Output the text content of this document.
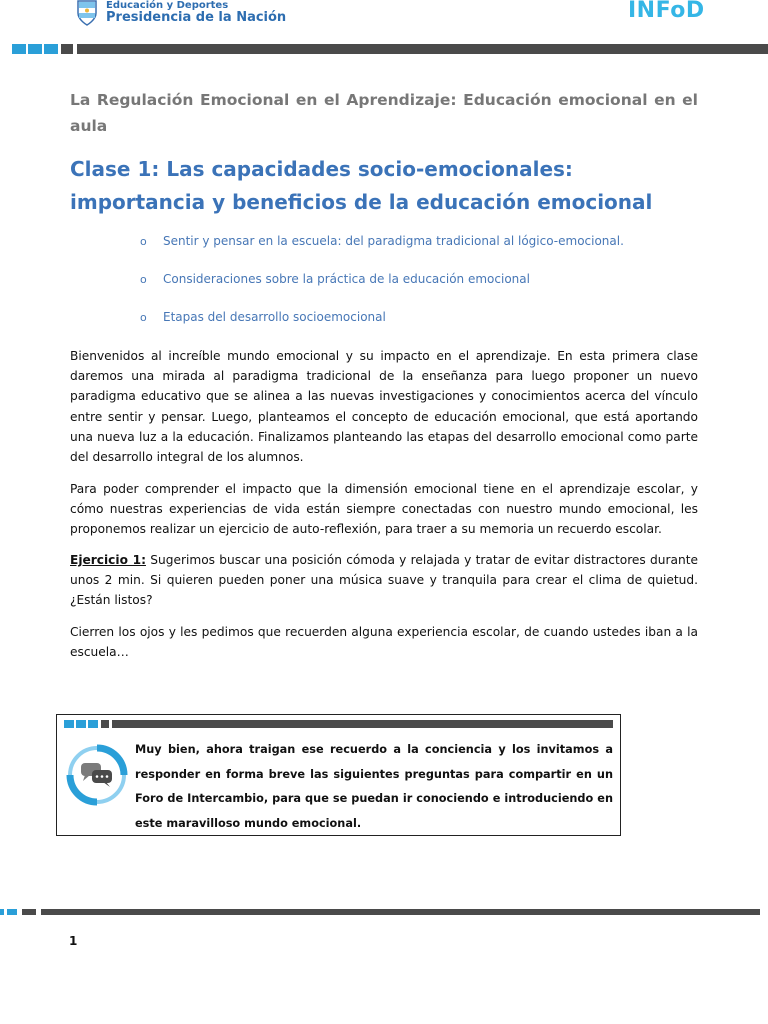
Educación y Deportes
Presidencia de la Nación	INFoD
La Regulación Emocional en el Aprendizaje: Educación emocional en el aula
Clase 1: Las capacidades socio-emocionales: importancia y beneficios de la educación emocional
o Sentir y pensar en la escuela: del paradigma tradicional al lógico-emocional.
o Consideraciones sobre la práctica de la educación emocional
o Etapas del desarrollo socioemocional
Bienvenidos al increíble mundo emocional y su impacto en el aprendizaje. En esta primera clase daremos una mirada al paradigma tradicional de la enseñanza para luego proponer un nuevo paradigma educativo que se alinea a las nuevas investigaciones y conocimientos acerca del vínculo entre sentir y pensar. Luego, planteamos el concepto de educación emocional, que está aportando una nueva luz a la educación. Finalizamos planteando las etapas del desarrollo emocional como parte del desarrollo integral de los alumnos.
Para poder comprender el impacto que la dimensión emocional tiene en el aprendizaje escolar, y cómo nuestras experiencias de vida están siempre conectadas con nuestro mundo emocional, les proponemos realizar un ejercicio de auto-reflexión, para traer a su memoria un recuerdo escolar.
Ejercicio 1: Sugerimos buscar una posición cómoda y relajada y tratar de evitar distractores durante unos 2 min. Si quieren pueden poner una música suave y tranquila para crear el clima de quietud. ¿Están listos?
Cierren los ojos y les pedimos que recuerden alguna experiencia escolar, de cuando ustedes iban a la escuela…
Muy bien, ahora traigan ese recuerdo a la conciencia y los invitamos a responder en forma breve las siguientes preguntas para compartir en un Foro de Intercambio, para que se puedan ir conociendo e introduciendo en este maravilloso mundo emocional.
1
